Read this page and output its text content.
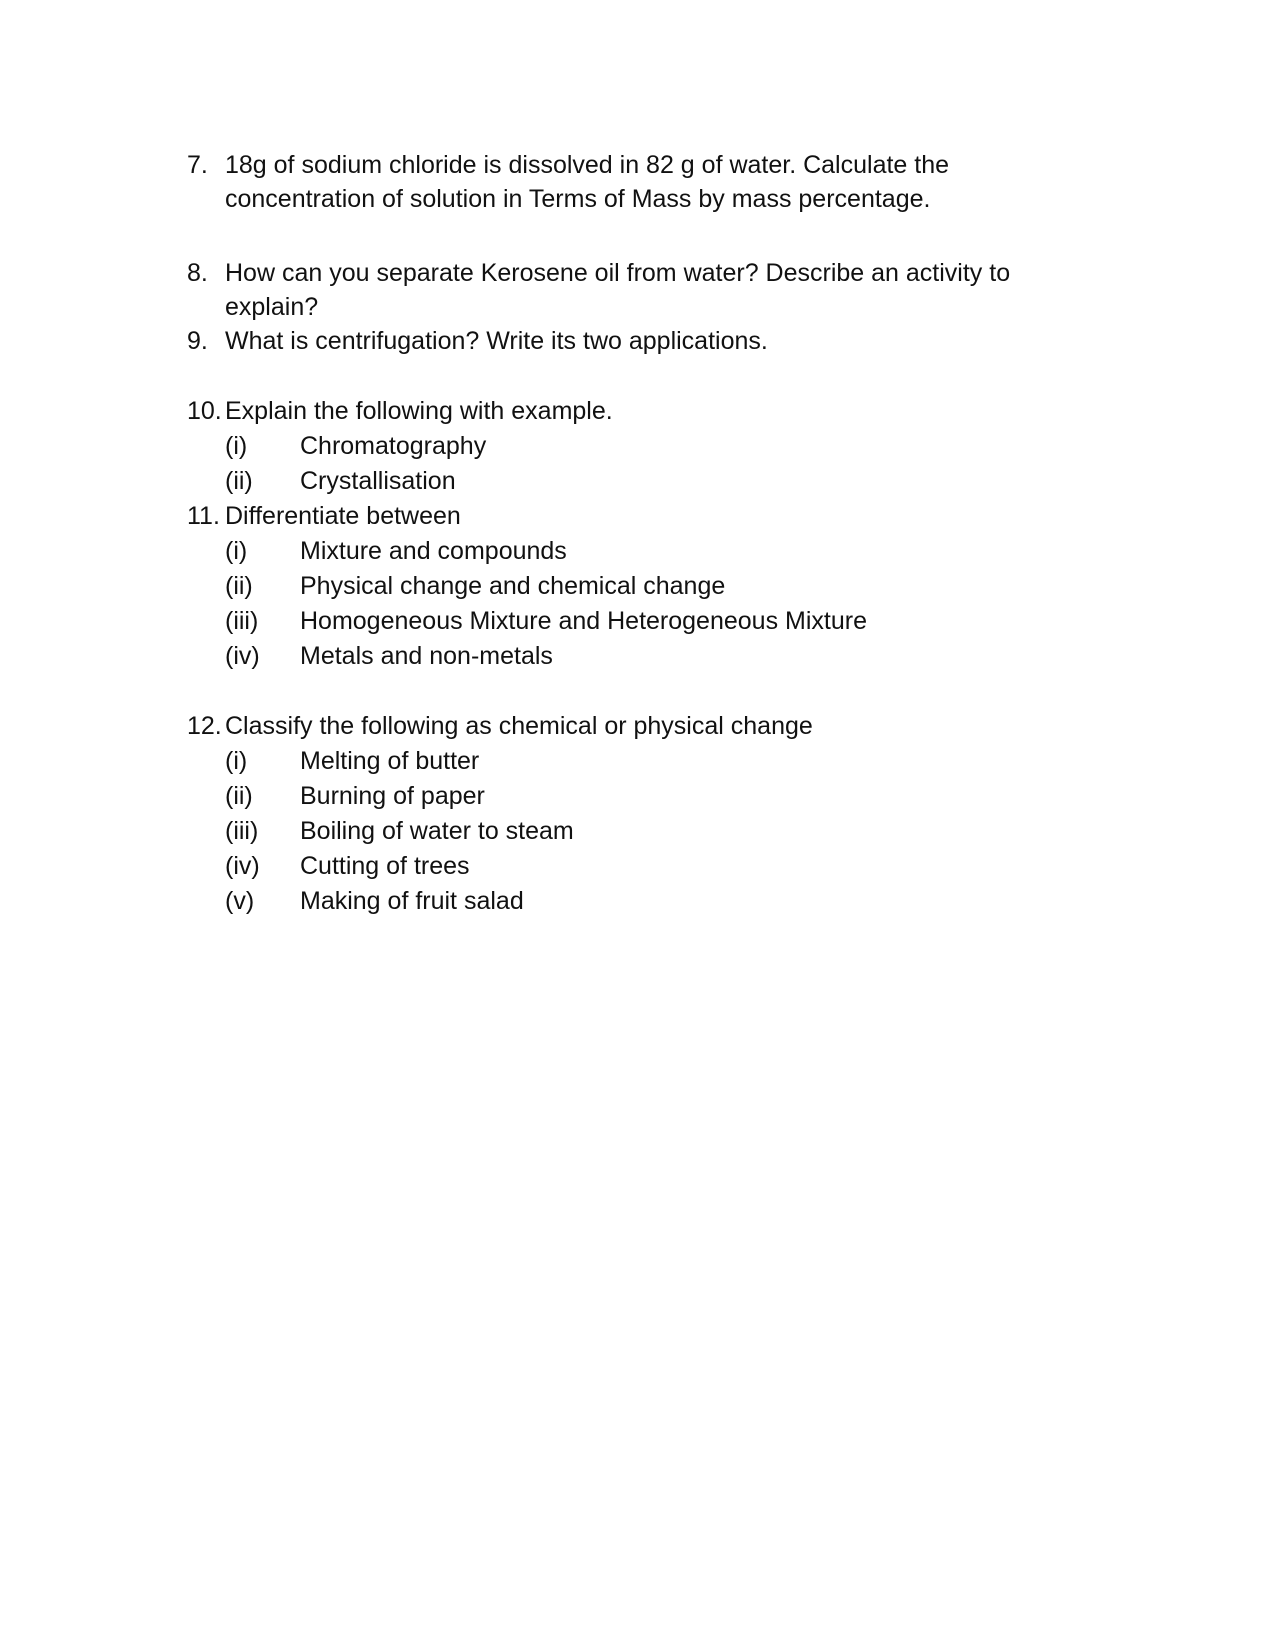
7. 18g of sodium chloride is dissolved in 82 g of water. Calculate the
concentration of solution in Terms of Mass by mass percentage.
8. How can you separate Kerosene oil from water? Describe an activity to
explain?
9. What is centrifugation? Write its two applications.
10. Explain the following with example.
(i) Chromatography
(ii) Crystallisation
11. Differentiate between
(i) Mixture and compounds
(ii) Physical change and chemical change
(iii) Homogeneous Mixture and Heterogeneous Mixture
(iv) Metals and non-metals
12. Classify the following as chemical or physical change
(i) Melting of butter
(ii) Burning of paper
(iii) Boiling of water to steam
(iv) Cutting of trees
(v) Making of fruit salad
